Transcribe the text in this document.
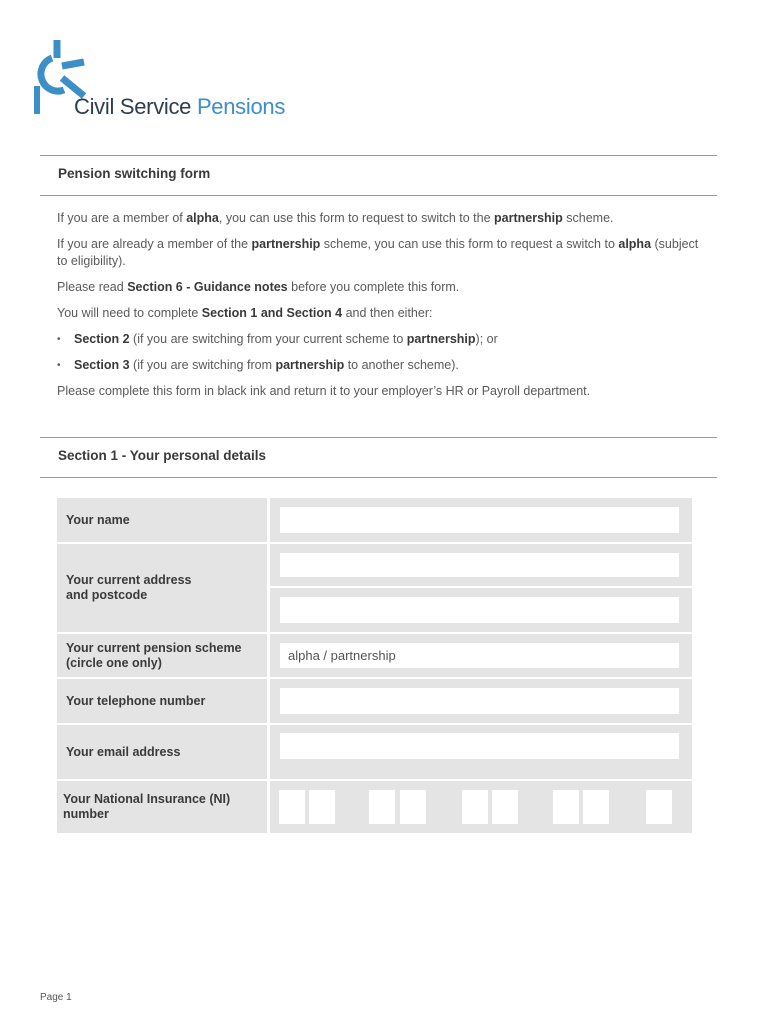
Civil Service Pensions
Pension switching form

If you are a member of alpha, you can use this form to request to switch to the partnership scheme.

If you are already a member of the partnership scheme, you can use this form to request a switch to alpha (subject to eligibility).

Please read Section 6 - Guidance notes before you complete this form.

You will need to complete Section 1 and Section 4 and then either:

• Section 2 (if you are switching from your current scheme to partnership); or
• Section 3 (if you are switching from partnership to another scheme).

Please complete this form in black ink and return it to your employer’s HR or Payroll department.

Section 1 - Your personal details
Your name
Your current address
and postcode
Your current pension scheme
(circle one only)	alpha / partnership
Your telephone number
Your email address
Your National Insurance (NI)
number
Page 1
